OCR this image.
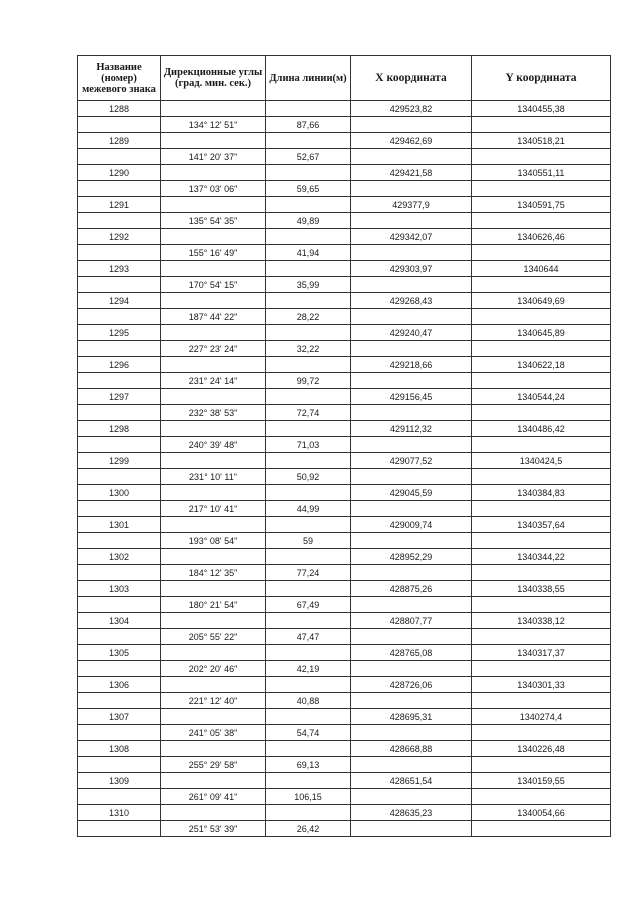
Название (номер) межевого знака	Дирекционные углы (град. мин. сек.)	Длина линии(м)	X координата	Y координата
1288			429523,82	1340455,38
	134° 12' 51"	87,66		
1289			429462,69	1340518,21
	141° 20' 37"	52,67		
1290			429421,58	1340551,11
	137° 03' 06"	59,65		
1291			429377,9	1340591,75
	135° 54' 35"	49,89		
1292			429342,07	1340626,46
	155° 16' 49"	41,94		
1293			429303,97	1340644
	170° 54' 15"	35,99		
1294			429268,43	1340649,69
	187° 44' 22"	28,22		
1295			429240,47	1340645,89
	227° 23' 24"	32,22		
1296			429218,66	1340622,18
	231° 24' 14"	99,72		
1297			429156,45	1340544,24
	232° 38' 53"	72,74		
1298			429112,32	1340486,42
	240° 39' 48"	71,03		
1299			429077,52	1340424,5
	231° 10' 11"	50,92		
1300			429045,59	1340384,83
	217° 10' 41"	44,99		
1301			429009,74	1340357,64
	193° 08' 54"	59		
1302			428952,29	1340344,22
	184° 12' 35"	77,24		
1303			428875,26	1340338,55
	180° 21' 54"	67,49		
1304			428807,77	1340338,12
	205° 55' 22"	47,47		
1305			428765,08	1340317,37
	202° 20' 46"	42,19		
1306			428726,06	1340301,33
	221° 12' 40"	40,88		
1307			428695,31	1340274,4
	241° 05' 38"	54,74		
1308			428668,88	1340226,48
	255° 29' 58"	69,13		
1309			428651,54	1340159,55
	261° 09' 41"	106,15		
1310			428635,23	1340054,66
	251° 53' 39"	26,42		
